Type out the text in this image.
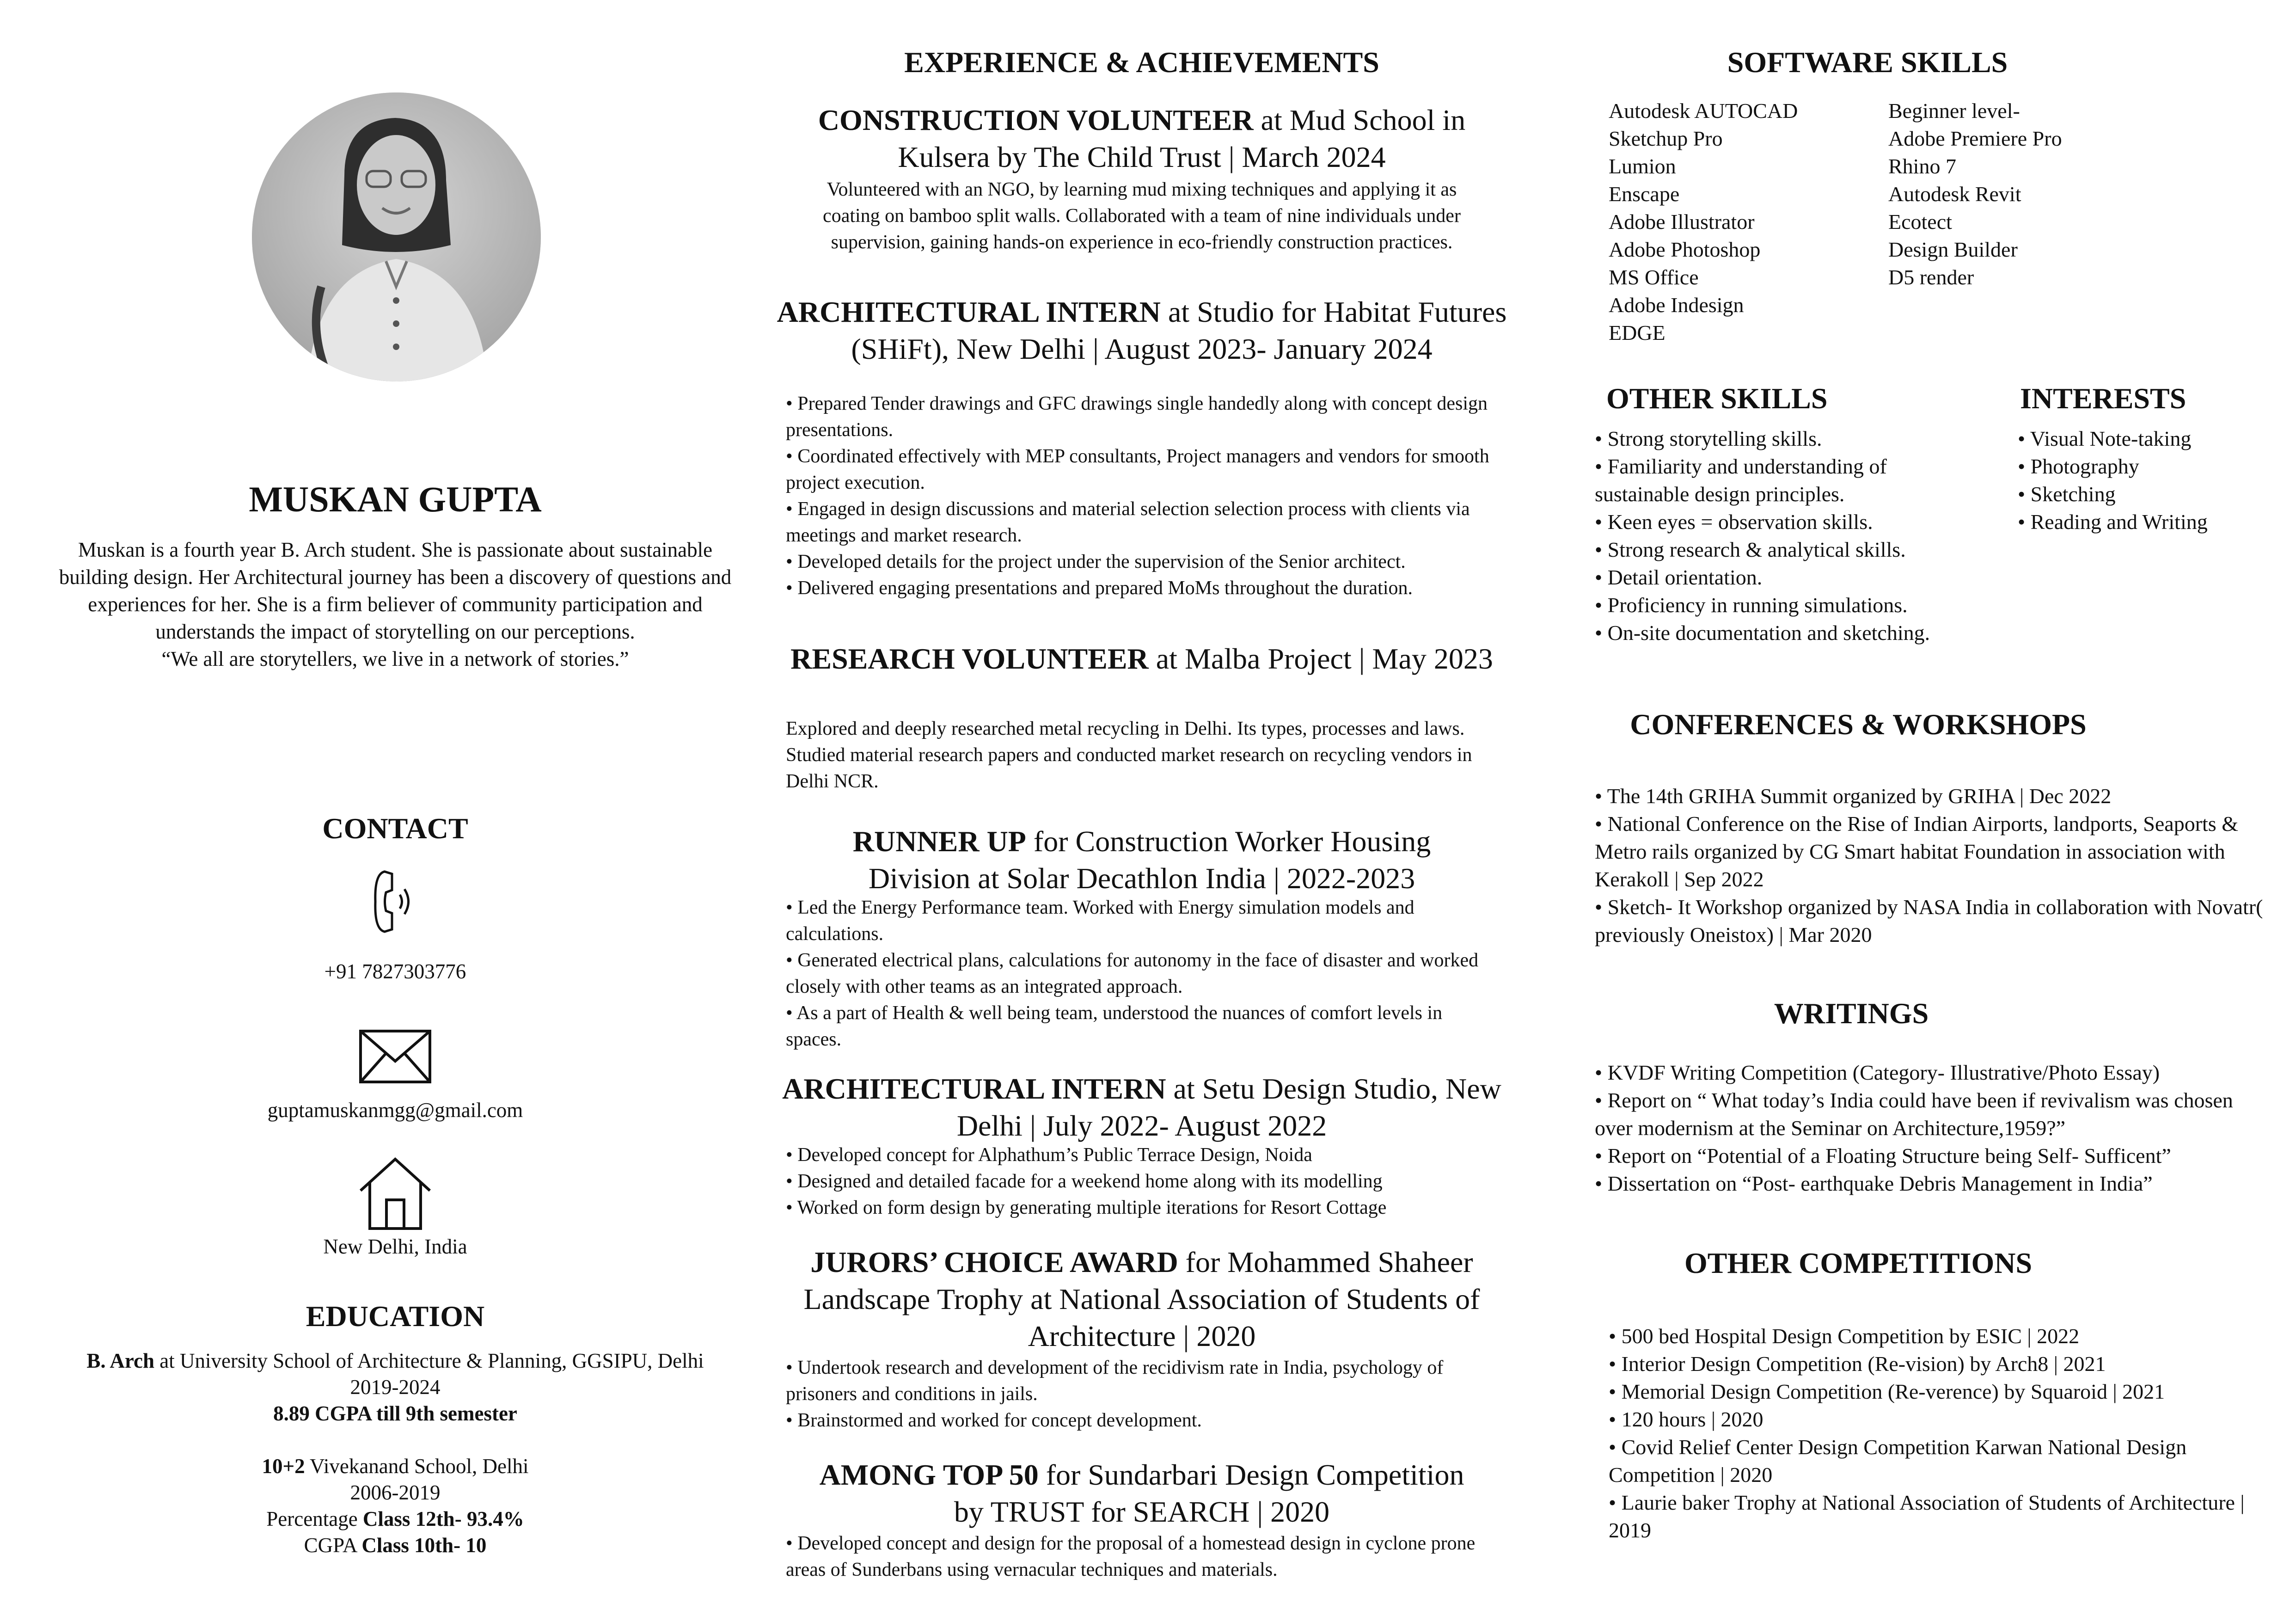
MUSKAN GUPTA

Muskan is a fourth year B. Arch student. She is passionate about sustainable building design. Her Architectural journey has been a discovery of questions and experiences for her. She is a firm believer of community participation and understands the impact of storytelling on our perceptions.

“We all are storytellers, we live in a network of stories.”

CONTACT
+91 7827303776
guptamuskanmgg@gmail.com
New Delhi, India
EDUCATION

B. Arch at University School of Architecture & Planning, GGSIPU, Delhi

2019-2024

8.89 CGPA till 9th semester

10+2 Vivekanand School, Delhi

2006-2019

Percentage Class 12th- 93.4%

CGPA Class 10th- 10

EXPERIENCE & ACHIEVEMENTS

CONSTRUCTION VOLUNTEER at Mud School in Kulsera by The Child Trust | March 2024

Volunteered with an NGO, by learning mud mixing techniques and applying it as coating on bamboo split walls. Collaborated with a team of nine individuals under supervision, gaining hands-on experience in eco-friendly construction practices.

ARCHITECTURAL INTERN at Studio for Habitat Futures (SHiFt), New Delhi | August 2023- January 2024

• Prepared Tender drawings and GFC drawings single handedly along with concept design presentations.

• Coordinated effectively with MEP consultants, Project managers and vendors for smooth project execution.

• Engaged in design discussions and material selection selection process with clients via meetings and market research.

• Developed details for the project under the supervision of the Senior architect.

• Delivered engaging presentations and prepared MoMs throughout the duration.

RESEARCH VOLUNTEER at Malba Project | May 2023

Explored and deeply researched metal recycling in Delhi. Its types, processes and laws. Studied material research papers and conducted market research on recycling vendors in Delhi NCR.

RUNNER UP for Construction Worker Housing Division at Solar Decathlon India | 2022-2023

• Led the Energy Performance team. Worked with Energy simulation models and calculations.

• Generated electrical plans, calculations for autonomy in the face of disaster and worked closely with other teams as an integrated approach.

• As a part of Health & well being team, understood the nuances of comfort levels in spaces.

ARCHITECTURAL INTERN at Setu Design Studio, New Delhi | July 2022- August 2022

• Developed concept for Alphathum’s Public Terrace Design, Noida

• Designed and detailed facade for a weekend home along with its modelling

• Worked on form design by generating multiple iterations for Resort Cottage

JURORS’ CHOICE AWARD for Mohammed Shaheer Landscape Trophy at National Association of Students of Architecture | 2020

• Undertook research and development of the recidivism rate in India, psychology of prisoners and conditions in jails.

• Brainstormed and worked for concept development.

AMONG TOP 50 for Sundarbari Design Competition by TRUST for SEARCH | 2020

• Developed concept and design for the proposal of a homestead design in cyclone prone areas of Sunderbans using vernacular techniques and materials.

SOFTWARE SKILLS

Autodesk AUTOCAD

Sketchup Pro

Lumion

Enscape

Adobe Illustrator

Adobe Photoshop

MS Office

Adobe Indesign

EDGE

Beginner level-

Adobe Premiere Pro

Rhino 7

Autodesk Revit

Ecotect

Design Builder

D5 render

OTHER SKILLS

• Strong storytelling skills.

• Familiarity and understanding of sustainable design principles.

• Keen eyes = observation skills.

• Strong research & analytical skills.

• Detail orientation.

• Proficiency in running simulations.

• On-site documentation and sketching.

INTERESTS

• Visual Note-taking

• Photography

• Sketching

• Reading and Writing

CONFERENCES & WORKSHOPS

• The 14th GRIHA Summit organized by GRIHA | Dec 2022

• National Conference on the Rise of Indian Airports, landports, Seaports & Metro rails organized by CG Smart habitat Foundation in association with Kerakoll | Sep 2022

• Sketch- It Workshop organized by NASA India in collaboration with Novatr( previously Oneistox) | Mar 2020

WRITINGS

• KVDF Writing Competition (Category- Illustrative/Photo Essay)

• Report on “ What today’s India could have been if revivalism was chosen over modernism at the Seminar on Architecture,1959?”

• Report on “Potential of a Floating Structure being Self- Sufficent”

• Dissertation on “Post- earthquake Debris Management in India”

OTHER COMPETITIONS

• 500 bed Hospital Design Competition by ESIC | 2022

• Interior Design Competition (Re-vision) by Arch8 | 2021

• Memorial Design Competition (Re-verence) by Squaroid | 2021

• 120 hours | 2020

• Covid Relief Center Design Competition Karwan National Design Competition | 2020

• Laurie baker Trophy at National Association of Students of Architecture | 2019
